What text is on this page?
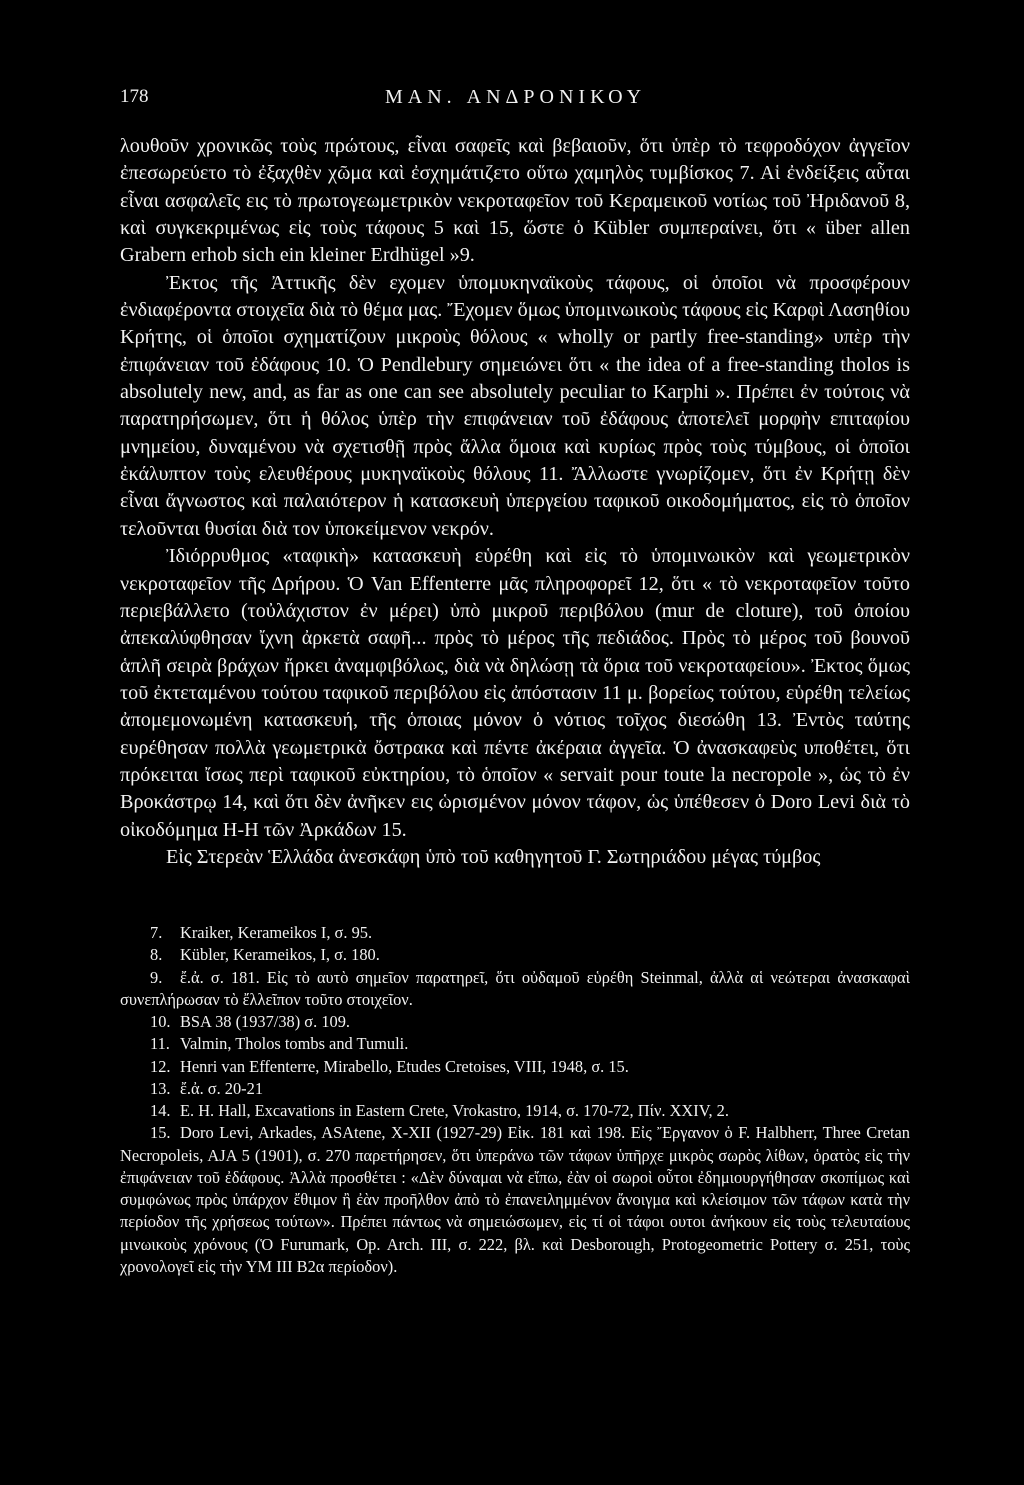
178	MAN. ΑΝΔΡΟΝΙΚΟΥ

λουθοῦν χρονικῶς τοὺς πρώτους, εἶναι σαφεῖς καὶ βεβαιοῦν, ὅτι ὑπὲρ τὸ τεφροδόχον ἀγγεῖον ἐπεσωρεύετο τὸ ἐξαχθὲν χῶμα καὶ ἐσχημάτιζετο οὕτω χαμηλὸς τυμβίσκος 7. Αἱ ἐνδείξεις αὗται εἶναι ασφαλεῖς εις τὸ πρωτογεωμετρικὸν νεκροταφεῖον τοῦ Κεραμεικοῦ νοτίως τοῦ Ἠριδανοῦ 8, καὶ συγκεκριμένως εἰς τοὺς τάφους 5 καὶ 15, ὥστε ὁ Kübler συμπεραίνει, ὅτι « über allen Grabern erhob sich ein kleiner Erdhügel »9.

Ἐκτος τῆς Ἀττικῆς δὲν εχομεν ὑπομυκηναϊκοὺς τάφους, οἱ ὁποῖοι νὰ προσφέρουν ἐνδιαφέροντα στοιχεῖα διὰ τὸ θέμα μας. Ἔχομεν ὅμως ὑπομινωικοὺς τάφους εἰς Καρφὶ Λασηθίου Κρήτης, οἱ ὁποῖοι σχηματίζουν μικροὺς θόλους « wholly or partly free-standing» υπὲρ τὴν ἐπιφάνειαν τοῦ ἐδάφους 10. Ὁ Pendlebury σημειώνει ὅτι « the idea of a free-standing tholos is absolutely new, and, as far as one can see absolutely peculiar to Karphi ». Πρέπει ἐν τούτοις νὰ παρατηρήσωμεν, ὅτι ἡ θόλος ὑπὲρ τὴν επιφάνειαν τοῦ ἐδάφους ἀποτελεῖ μορφὴν επιταφίου μνημείου, δυναμένου νὰ σχετισθῇ πρὸς ἄλλα ὅμοια καὶ κυρίως πρὸς τοὺς τύμβους, οἱ ὁποῖοι ἐκάλυπτον τοὺς ελευθέρους μυκηναϊκοὺς θόλους 11. Ἄλλωστε γνωρίζομεν, ὅτι ἐν Κρήτῃ δὲν εἶναι ἄγνωστος καὶ παλαιότερον ἡ κατασκευὴ ὑπεργείου ταφικοῦ οικοδομήματος, εἰς τὸ ὁποῖον τελοῦνται θυσίαι διὰ τον ὑποκείμενον νεκρόν.

Ἰδιόρρυθμος «ταφικὴ» κατασκευὴ εὑρέθη καὶ εἰς τὸ ὑπομινωικὸν καὶ γεωμετρικὸν νεκροταφεῖον τῆς Δρήρου. Ὁ Van Effenterre μᾶς πληροφορεῖ 12, ὅτι « τὸ νεκροταφεῖον τοῦτο περιεβάλλετο (τοὐλάχιστον ἐν μέρει) ὑπὸ μικροῦ περιβόλου (mur de cloture), τοῦ ὁποίου ἀπεκαλύφθησαν ἴχνη ἀρκετὰ σαφῆ... πρὸς τὸ μέρος τῆς πεδιάδος. Πρὸς τὸ μέρος τοῦ βουνοῦ ἁπλῆ σειρὰ βράχων ἤρκει ἀναμφιβόλως, διὰ νὰ δηλώσῃ τὰ ὅρια τοῦ νεκροταφείου». Ἐκτος ὅμως τοῦ ἐκτεταμένου τούτου ταφικοῦ περιβόλου εἰς ἀπόστασιν 11 μ. βορείως τούτου, εὑρέθη τελείως ἀπομεμονωμένη κατασκευή, τῆς ὁποιας μόνον ὁ νότιος τοῖχος διεσώθη 13. Ἐντὸς ταύτης ευρέθησαν πολλὰ γεωμετρικὰ ὄστρακα καὶ πέντε ἀκέραια ἀγγεῖα. Ὁ ἀνασκαφεὺς υποθέτει, ὅτι πρόκειται ἴσως περὶ ταφικοῦ εὐκτηρίου, τὸ ὁποῖον « servait pour toute la necropole », ὡς τὸ ἐν Βροκάστρῳ 14, καὶ ὅτι δὲν ἀνῆκεν εις ὡρισμένον μόνον τάφον, ὡς ὑπέθεσεν ὁ Doro Levi διὰ τὸ οἰκοδόμημα Η-Η τῶν Ἀρκάδων 15.

Εἰς Στερεὰν Ἑλλάδα ἀνεσκάφη ὑπὸ τοῦ καθηγητοῦ Γ. Σωτηριάδου μέγας τύμβος

7. Kraiker, Kerameikos I, σ. 95.

8. Kübler, Kerameikos, I, σ. 180.

9. ἔ.ἀ. σ. 181. Εἰς τὸ αυτὸ σημεῖον παρατηρεῖ, ὅτι οὐδαμοῦ εὑρέθη Steinmal, ἀλλὰ αἱ νεώτεραι ἀνασκαφαὶ συνεπλήρωσαν τὸ ἔλλεῖπον τοῦτο στοιχεῖον.

10. BSA 38 (1937/38) σ. 109.

11. Valmin, Tholos tombs and Tumuli.

12. Henri van Effenterre, Mirabello, Etudes Cretoises, VIII, 1948, σ. 15.

13. ἔ.ἀ. σ. 20-21

14. E. H. Hall, Excavations in Eastern Crete, Vrokastro, 1914, σ. 170-72, Πίν. XXIV, 2.

15. Doro Levi, Arkades, ASAtene, X-XII (1927-29) Εἰκ. 181 καὶ 198. Εἰς Ἔργανον ὁ F. Halbherr, Three Cretan Necropoleis, AJA 5 (1901), σ. 270 παρετήρησεν, ὅτι ὑπεράνω τῶν τάφων ὑπῆρχε μικρὸς σωρὸς λίθων, ὁρατὸς εἰς τὴν ἐπιφάνειαν τοῦ ἐδάφους. Ἀλλὰ προσθέτει : «Δὲν δύναμαι νὰ εἴπω, ἐὰν οἱ σωροὶ οὗτοι ἐδημιουργήθησαν σκοπίμως καὶ συμφώνως πρὸς ὑπάρχον ἔθιμον ἢ ἐὰν προῆλθον ἀπὸ τὸ ἐπανειλημμένον ἄνοιγμα καὶ κλείσιμον τῶν τάφων κατὰ τὴν περίοδον τῆς χρήσεως τούτων». Πρέπει πάντως νὰ σημειώσωμεν, εἰς τί οἱ τάφοι ουτοι ἀνήκουν εἰς τοὺς τελευταίους μινωικοὺς χρόνους (Ὁ Furumark, Op. Arch. III, σ. 222, βλ. καὶ Desborough, Protogeometric Pottery σ. 251, τοὺς χρονολογεῖ εἰς τὴν ΥΜ ΙΙΙ Β2α περίοδον).
